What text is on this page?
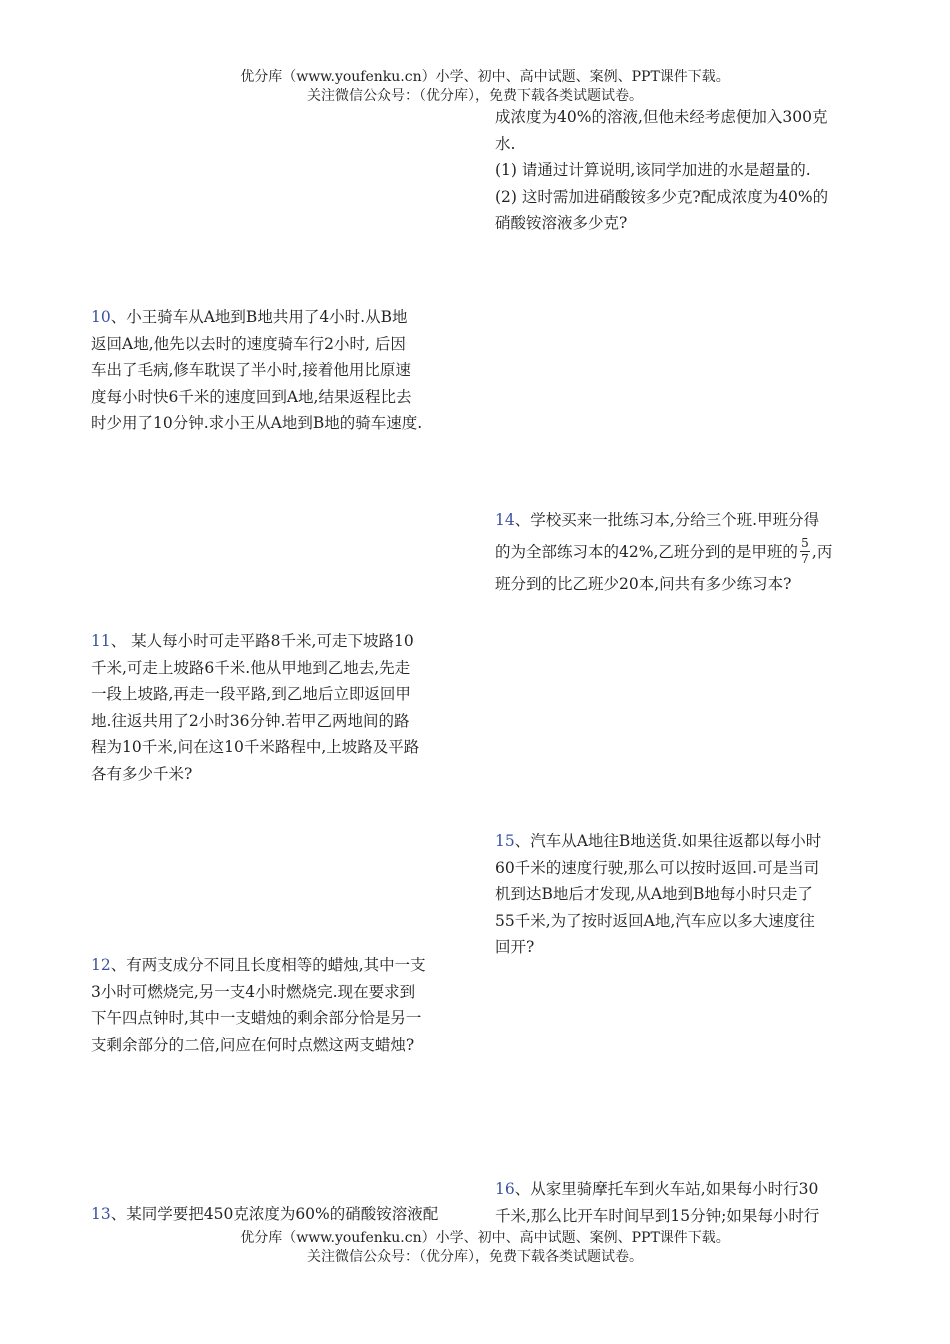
优分库（www.youfenku.cn）小学、初中、高中试题、案例、PPT课件下载。
关注微信公众号：（优分库），免费下载各类试题试卷。

成浓度为40%的溶液,但他未经考虑便加入300克

水.

(1) 请通过计算说明,该同学加进的水是超量的.

(2) 这时需加进硝酸铵多少克?配成浓度为40%的

硝酸铵溶液多少克?

10、小王骑车从A地到B地共用了4小时.从B地

返回A地,他先以去时的速度骑车行2小时, 后因

车出了毛病,修车耽误了半小时,接着他用比原速

度每小时快6千米的速度回到A地,结果返程比去

时少用了10分钟.求小王从A地到B地的骑车速度.

14、学校买来一批练习本,分给三个班.甲班分得

的为全部练习本的42%,乙班分到的是甲班的 $\frac{5}{7}$ ,丙

班分到的比乙班少20本,问共有多少练习本?

11、 某人每小时可走平路8千米,可走下坡路10

千米,可走上坡路6千米.他从甲地到乙地去,先走

一段上坡路,再走一段平路,到乙地后立即返回甲

地.往返共用了2小时36分钟.若甲乙两地间的路

程为10千米,问在这10千米路程中,上坡路及平路

各有多少千米?

15、汽车从A地往B地送货.如果往返都以每小时

60千米的速度行驶,那么可以按时返回.可是当司

机到达B地后才发现,从A地到B地每小时只走了

55千米,为了按时返回A地,汽车应以多大速度往

回开?

12、有两支成分不同且长度相等的蜡烛,其中一支

3小时可燃烧完,另一支4小时燃烧完.现在要求到

下午四点钟时,其中一支蜡烛的剩余部分恰是另一

支剩余部分的二倍,问应在何时点燃这两支蜡烛?

16、从家里骑摩托车到火车站,如果每小时行30

千米,那么比开车时间早到15分钟;如果每小时行

13、某同学要把450克浓度为60%的硝酸铵溶液配

优分库（www.youfenku.cn）小学、初中、高中试题、案例、PPT课件下载。
关注微信公众号：（优分库），免费下载各类试题试卷。
